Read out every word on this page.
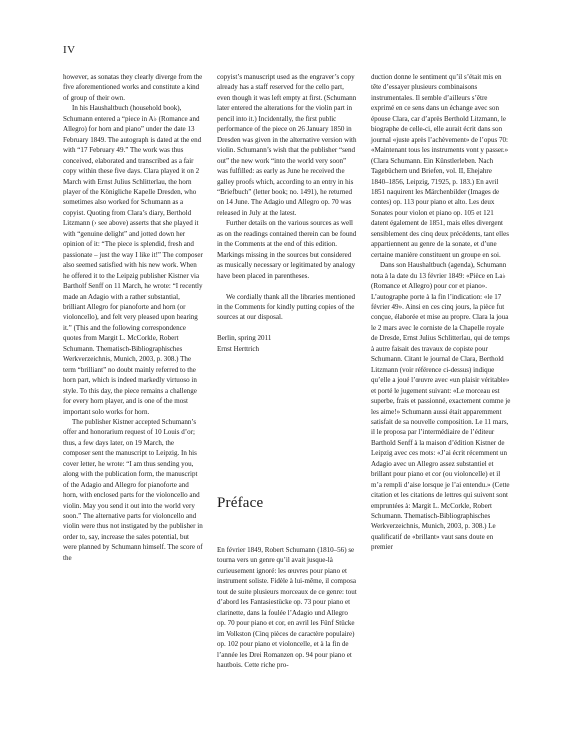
IV

however, as sonatas they clearly diverge from the five aforementioned works and constitute a kind of group of their own.

In his Haushaltbuch (household book), Schumann entered a “piece in A♭ (Romance and Allegro) for horn and piano” under the date 13 February 1849. The autograph is dated at the end with “17 February 49.” The work was thus conceived, elaborated and transcribed as a fair copy within these five days. Clara played it on 2 March with Ernst Julius Schlitterlau, the horn player of the Königliche Kapelle Dresden, who sometimes also worked for Schumann as a copyist. Quoting from Clara’s diary, Berthold Litzmann (› see above) asserts that she played it with “genuine delight” and jotted down her opinion of it: “The piece is splendid, fresh and passionate – just the way I like it!” The composer also seemed satisfied with his new work. When he offered it to the Leipzig publisher Kistner via Bartholf Senff on 11 March, he wrote: “I recently made an Adagio with a rather substantial, brilliant Allegro for pianoforte and horn (or violoncello), and felt very pleased upon hearing it.” (This and the following correspondence quotes from Margit L. McCorkle, Robert Schumann. Thematisch-Bibliographisches Werkverzeichnis, Munich, 2003, p. 308.) The term “brilliant” no doubt mainly referred to the horn part, which is indeed markedly virtuoso in style. To this day, the piece remains a challenge for every horn player, and is one of the most important solo works for horn.

The publisher Kistner accepted Schumann’s offer and honorarium request of 10 Louis d’or; thus, a few days later, on 19 March, the composer sent the manuscript to Leipzig. In his cover letter, he wrote: “I am thus sending you, along with the publication form, the manuscript of the Adagio and Allegro for pianoforte and horn, with enclosed parts for the violoncello and violin. May you send it out into the world very soon.” The alternative parts for violoncello and violin were thus not instigated by the publisher in order to, say, increase the sales potential, but were planned by Schumann himself. The score of the

copyist’s manuscript used as the engraver’s copy already has a staff reserved for the cello part, even though it was left empty at first. (Schumann later entered the alterations for the violin part in pencil into it.) Incidentally, the first public performance of the piece on 26 January 1850 in Dresden was given in the alternative version with violin. Schumann’s wish that the publisher “send out” the new work “into the world very soon” was fulfilled: as early as June he received the galley proofs which, according to an entry in his “Briefbuch” (letter book; no. 1491), he returned on 14 June. The Adagio und Allegro op. 70 was released in July at the latest.

Further details on the various sources as well as on the readings contained therein can be found in the Comments at the end of this edition. Markings missing in the sources but considered as musically necessary or legitimated by analogy have been placed in parentheses.

We cordially thank all the libraries mentioned in the Comments for kindly putting copies of the sources at our disposal.

Berlin, spring 2011

Ernst Herttrich

Préface

En février 1849, Robert Schumann (1810–56) se tourna vers un genre qu’il avait jusque-là curieusement ignoré: les œuvres pour piano et instrument soliste. Fidèle à lui-même, il composa tout de suite plusieurs morceaux de ce genre: tout d’abord les Fantasiestücke op. 73 pour piano et clarinette, dans la foulée l’Adagio und Allegro op. 70 pour piano et cor, en avril les Fünf Stücke im Volkston (Cinq pièces de caractère populaire) op. 102 pour piano et violoncelle, et à la fin de l’année les Drei Romanzen op. 94 pour piano et hautbois. Cette riche pro-

duction donne le sentiment qu’il s’était mis en tête d’essayer plusieurs combinaisons instrumentales. Il semble d’ailleurs s’être exprimé en ce sens dans un échange avec son épouse Clara, car d’après Berthold Litzmann, le biographe de celle-ci, elle aurait écrit dans son journal «juste après l’achèvement» de l’opus 70: «Maintenant tous les instruments vont y passer.» (Clara Schumann. Ein Künstlerleben. Nach Tagebüchern und Briefen, vol. II, Ehejahre 1840–1856, Leipzig, 71925, p. 183.) En avril 1851 naquirent les Märchenbilder (Images de contes) op. 113 pour piano et alto. Les deux Sonates pour violon et piano op. 105 et 121 datent également de 1851, mais elles divergent sensiblement des cinq deux précédents, tant elles appartiennent au genre de la sonate, et d’une certaine manière constituent un groupe en soi.

Dans son Haushaltbuch (agenda), Schumann nota à la date du 13 février 1849: «Pièce en La♭ (Romance et Allegro) pour cor et piano». L’autographe porte à la fin l’indication: «le 17 février 49». Ainsi en ces cinq jours, la pièce fut conçue, élaborée et mise au propre. Clara la joua le 2 mars avec le corniste de la Chapelle royale de Dresde, Ernst Julius Schlitterlau, qui de temps à autre faisait des travaux de copiste pour Schumann. Citant le journal de Clara, Berthold Litzmann (voir référence ci-dessus) indique qu’elle a joué l’œuvre avec «un plaisir véritable» et porté le jugement suivant: «Le morceau est superbe, frais et passionné, exactement comme je les aime!» Schumann aussi était apparemment satisfait de sa nouvelle composition. Le 11 mars, il le proposa par l’intermédiaire de l’éditeur Barthold Senff à la maison d’édition Kistner de Leipzig avec ces mots: «J’ai écrit récemment un Adagio avec un Allegro assez substantiel et brillant pour piano et cor (ou violoncelle) et il m’a rempli d’aise lorsque je l’ai entendu.» (Cette citation et les citations de lettres qui suivent sont empruntées à: Margit L. McCorkle, Robert Schumann. Thematisch-Bibliographisches Werkverzeichnis, Munich, 2003, p. 308.) Le qualificatif de «brillant» vaut sans doute en premier
